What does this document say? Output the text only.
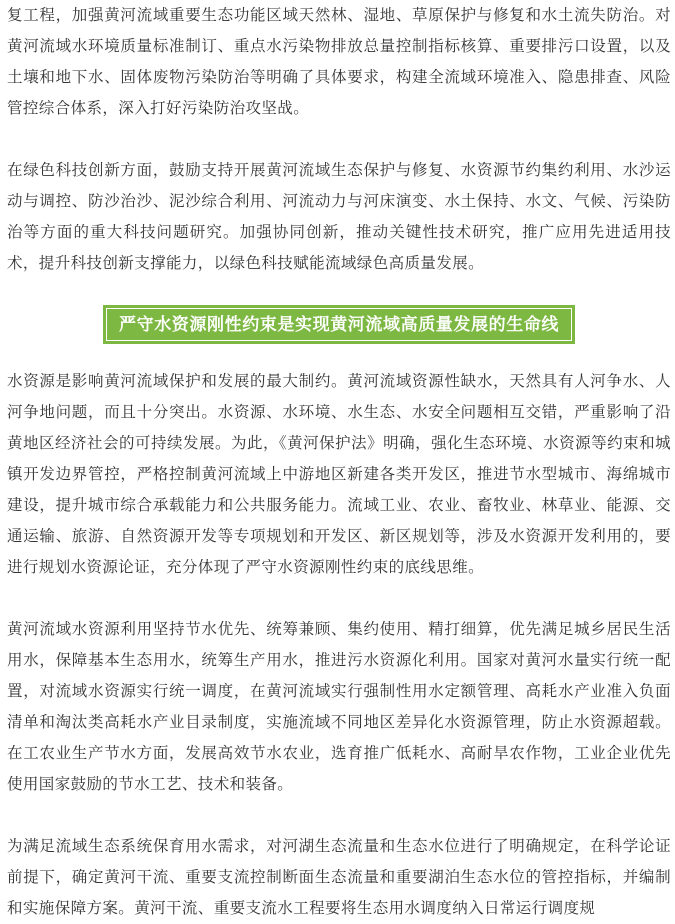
复工程，加强黄河流域重要生态功能区域天然林、湿地、草原保护与修复和水土流失防治。对黄河流域水环境质量标准制订、重点水污染物排放总量控制指标核算、重要排污口设置，以及土壤和地下水、固体废物污染防治等明确了具体要求，构建全流域环境准入、隐患排查、风险管控综合体系，深入打好污染防治攻坚战。

在绿色科技创新方面，鼓励支持开展黄河流域生态保护与修复、水资源节约集约利用、水沙运动与调控、防沙治沙、泥沙综合利用、河流动力与河床演变、水土保持、水文、气候、污染防治等方面的重大科技问题研究。加强协同创新，推动关键性技术研究，推广应用先进适用技术，提升科技创新支撑能力，以绿色科技赋能流域绿色高质量发展。

严守水资源刚性约束是实现黄河流域高质量发展的生命线

水资源是影响黄河流域保护和发展的最大制约。黄河流域资源性缺水，天然具有人河争水、人河争地问题，而且十分突出。水资源、水环境、水生态、水安全问题相互交错，严重影响了沿黄地区经济社会的可持续发展。为此，《黄河保护法》明确，强化生态环境、水资源等约束和城镇开发边界管控，严格控制黄河流域上中游地区新建各类开发区，推进节水型城市、海绵城市建设，提升城市综合承载能力和公共服务能力。流域工业、农业、畜牧业、林草业、能源、交通运输、旅游、自然资源开发等专项规划和开发区、新区规划等，涉及水资源开发利用的，要进行规划水资源论证，充分体现了严守水资源刚性约束的底线思维。

黄河流域水资源利用坚持节水优先、统筹兼顾、集约使用、精打细算，优先满足城乡居民生活用水，保障基本生态用水，统筹生产用水，推进污水资源化利用。国家对黄河水量实行统一配置，对流域水资源实行统一调度，在黄河流域实行强制性用水定额管理、高耗水产业准入负面清单和淘汰类高耗水产业目录制度，实施流域不同地区差异化水资源管理，防止水资源超载。在工农业生产节水方面，发展高效节水农业，选育推广低耗水、高耐旱农作物，工业企业优先使用国家鼓励的节水工艺、技术和装备。

为满足流域生态系统保育用水需求，对河湖生态流量和生态水位进行了明确规定，在科学论证前提下，确定黄河干流、重要支流控制断面生态流量和重要湖泊生态水位的管控指标，并编制和实施保障方案。黄河干流、重要支流水工程要将生态用水调度纳入日常运行调度规
